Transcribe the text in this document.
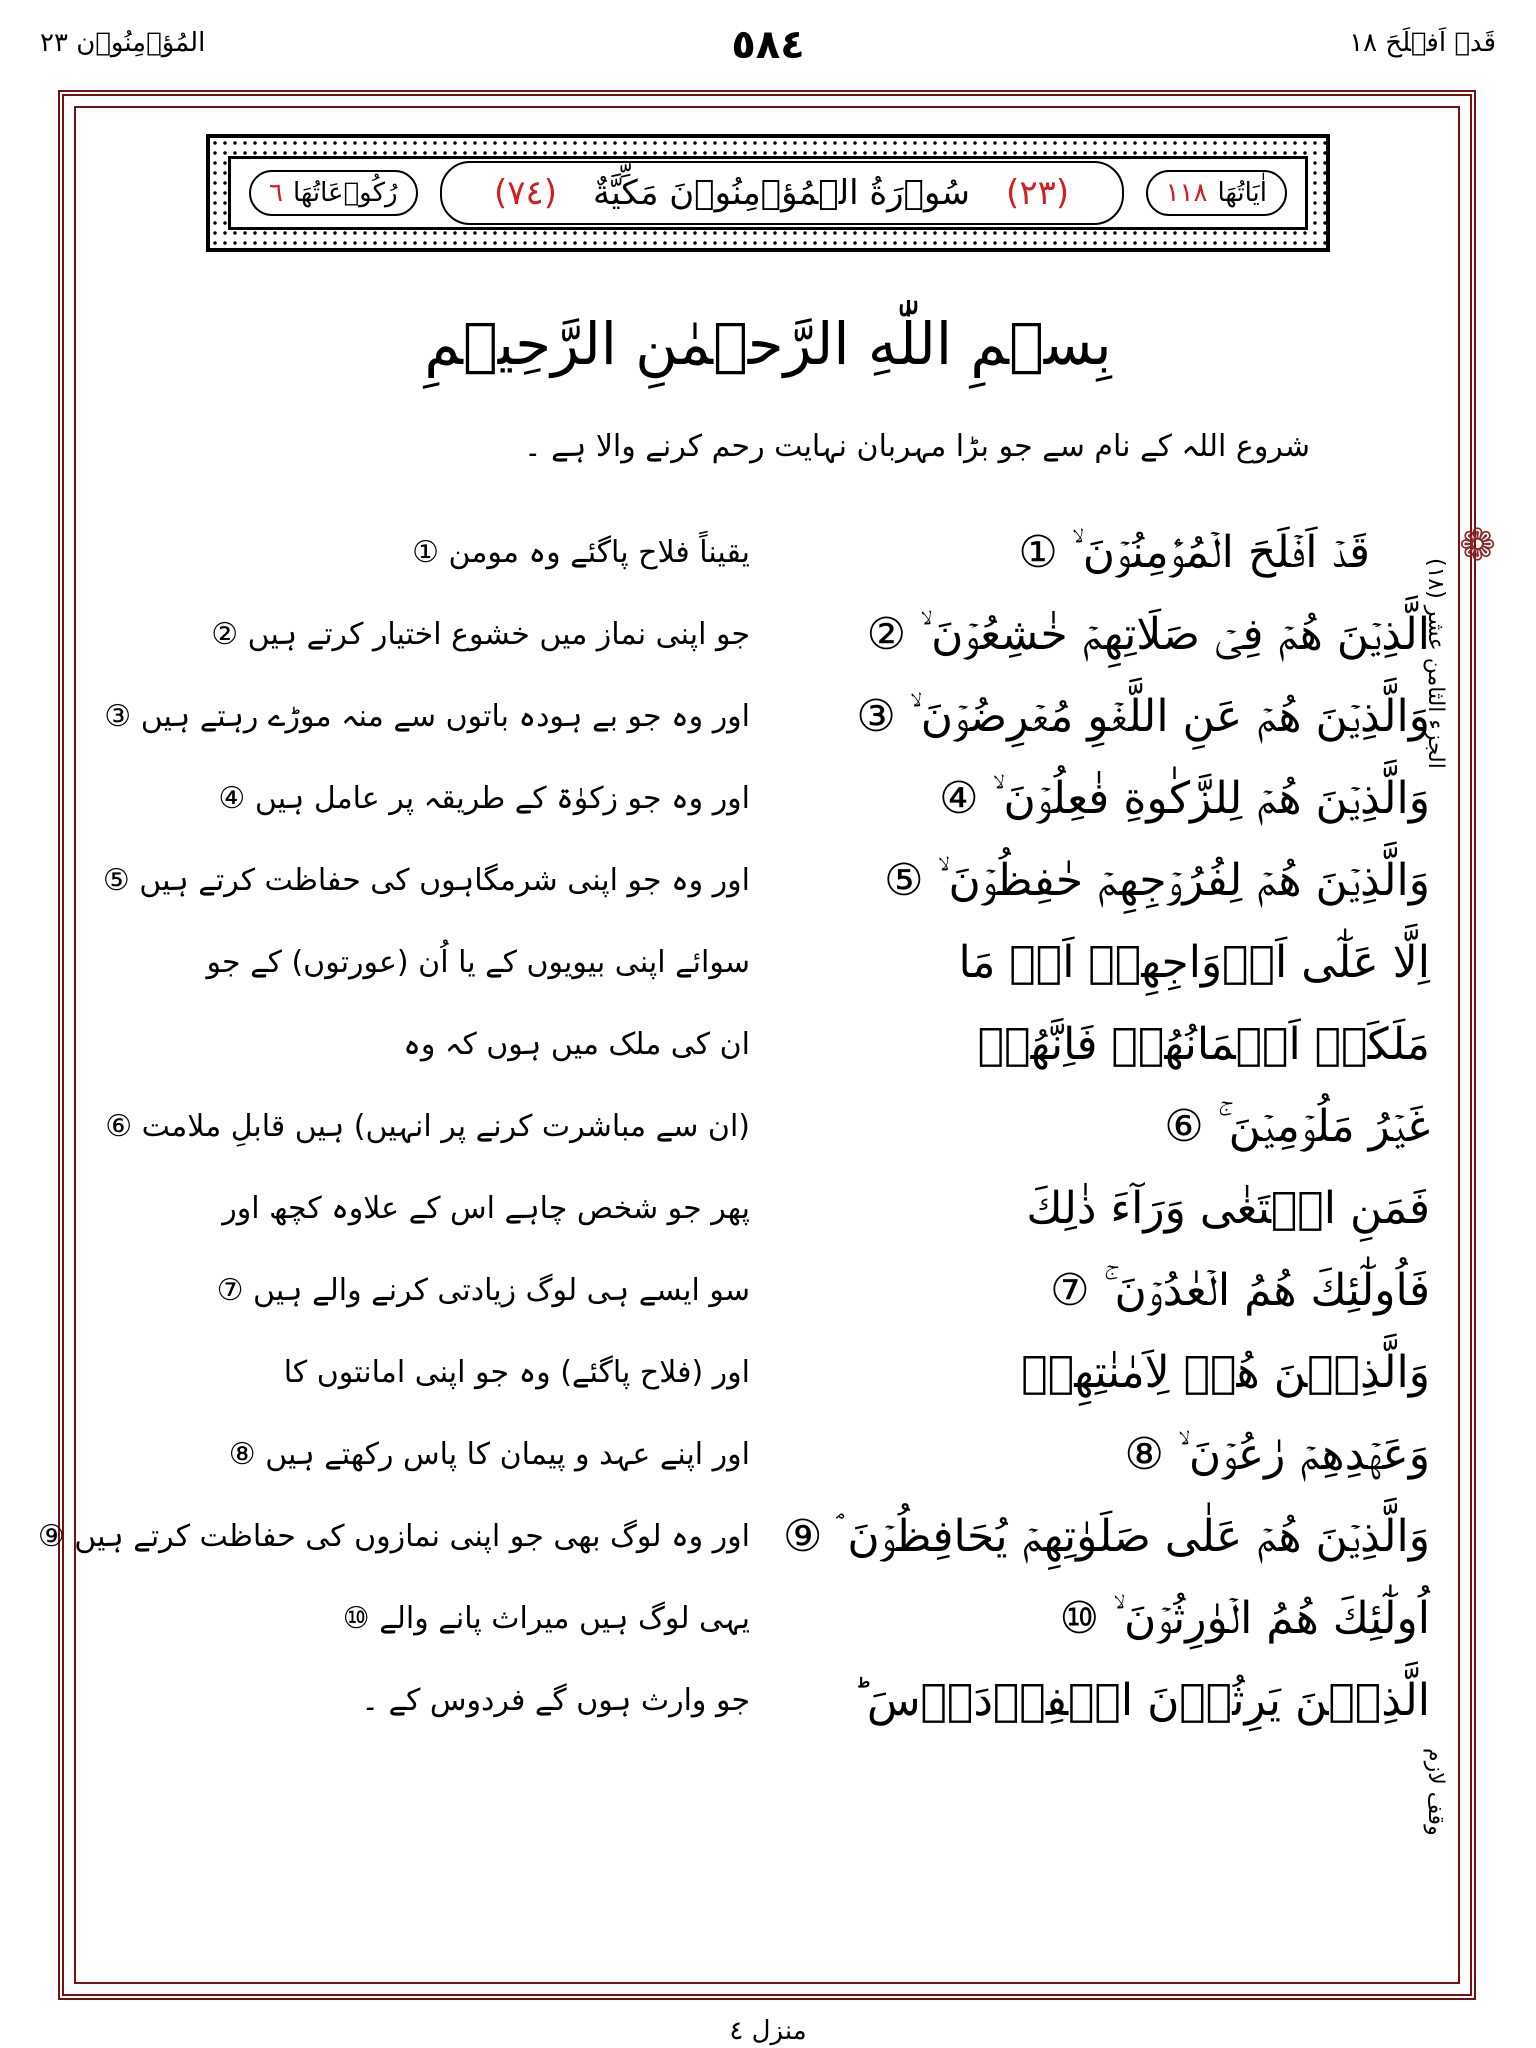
المُؤۡمِنُوۡن ٢٣	٥٨٤	قَدۡ اَفۡلَحَ ١٨
الجزء الثامن عشر (١٨)
وقف لازم
٦ رُكُوۡعَاتُهَا	(٧٤) سُوۡرَةُ الۡمُؤۡمِنُوۡنَ مَكِّيَّةٌ (٢٣)	١١٨ اٰيَاتُهَا
بِسۡمِ اللّٰهِ الرَّحۡمٰنِ الرَّحِيۡمِ
شروع اللہ کے نام سے جو بڑا مہربان نہایت رحم کرنے والا ہے ۔
❁
قَدۡ اَفۡلَحَ الۡمُؤۡمِنُوۡنَ ۙ ①
یقیناً فلاح پاگئے وہ مومن ①
الَّذِيۡنَ هُمۡ فِىۡ صَلَاتِهِمۡ خٰشِعُوۡنَ ۙ ②
جو اپنی نماز میں خشوع اختیار کرتے ہیں ②
وَالَّذِيۡنَ هُمۡ عَنِ اللَّغۡوِ مُعۡرِضُوۡنَ ۙ ③
اور وہ جو بے ہودہ باتوں سے منہ موڑے رہتے ہیں ③
وَالَّذِيۡنَ هُمۡ لِلزَّكٰوةِ فٰعِلُوۡنَ ۙ ④
اور وہ جو زکوٰۃ کے طریقہ پر عامل ہیں ④
وَالَّذِيۡنَ هُمۡ لِفُرُوۡجِهِمۡ حٰفِظُوۡنَ ۙ ⑤
اور وہ جو اپنی شرمگاہوں کی حفاظت کرتے ہیں ⑤
اِلَّا عَلٰٓى اَزۡوَاجِهِمۡ اَوۡ مَا
سوائے اپنی بیویوں کے یا اُن (عورتوں) کے جو
مَلَكَتۡ اَيۡمَانُهُمۡ فَاِنَّهُمۡ
ان کی ملک میں ہوں کہ وہ
غَيۡرُ مَلُوۡمِيۡنَ ۚ ⑥
(ان سے مباشرت کرنے پر انہیں) ہیں قابلِ ملامت ⑥
فَمَنِ ابۡتَغٰى وَرَآءَ ذٰلِكَ
پھر جو شخص چاہے اس کے علاوہ کچھ اور
فَاُولٰٓئِكَ هُمُ الۡعٰدُوۡنَ ۚ ⑦
سو ایسے ہی لوگ زیادتی کرنے والے ہیں ⑦
وَالَّذِيۡنَ هُمۡ لِاَمٰنٰتِهِمۡ
اور (فلاح پاگئے) وہ جو اپنی امانتوں کا
وَعَهۡدِهِمۡ رٰعُوۡنَ ۙ ⑧
اور اپنے عہد و پیمان کا پاس رکھتے ہیں ⑧
وَالَّذِيۡنَ هُمۡ عَلٰى صَلَوٰتِهِمۡ يُحَافِظُوۡنَ ۘ ⑨
اور وہ لوگ بھی جو اپنی نمازوں کی حفاظت کرتے ہیں ⑨
اُولٰٓئِكَ هُمُ الۡوٰرِثُوۡنَ ۙ ⑩
یہی لوگ ہیں میراث پانے والے ⑩
الَّذِيۡنَ يَرِثُوۡنَ الۡفِرۡدَوۡسَ ؕ
جو وارث ہوں گے فردوس کے ۔
منزل ٤
